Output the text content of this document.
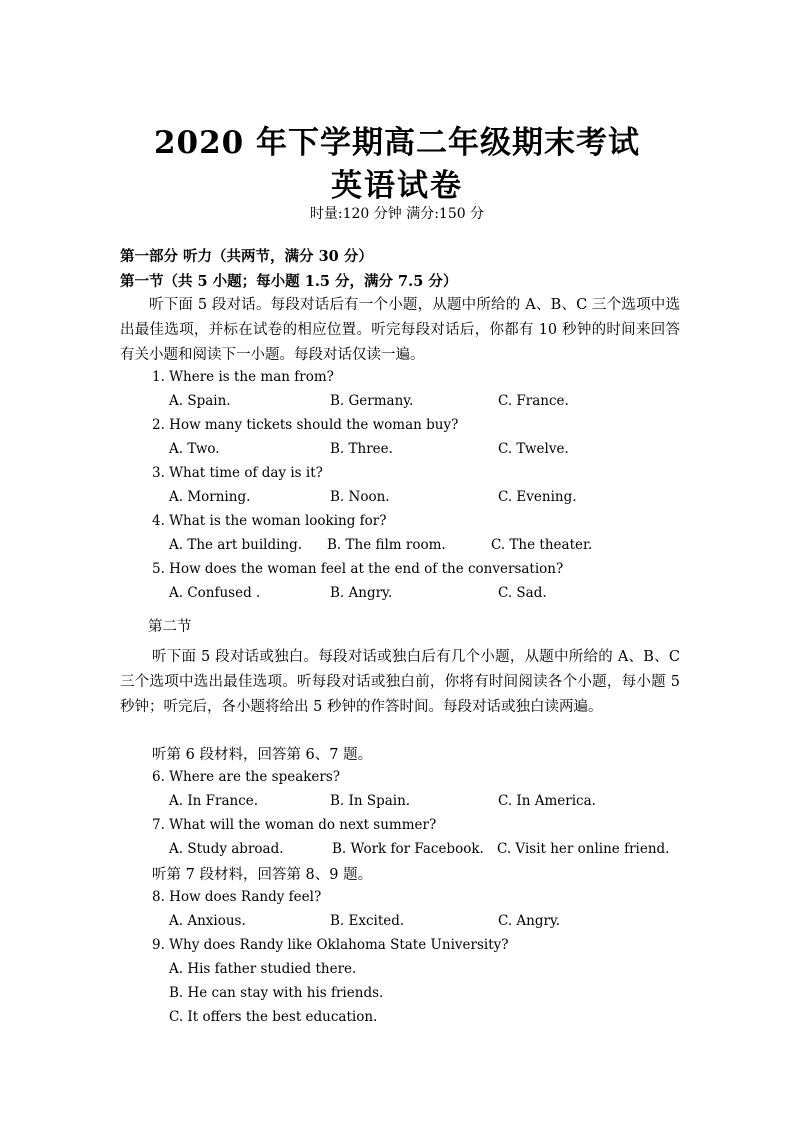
2020 年下学期高二年级期末考试
英语试卷
时量:120 分钟 满分:150 分
第一部分 听力（共两节，满分 30 分）
第一节（共 5 小题；每小题 1.5 分，满分 7.5 分）
听下面 5 段对话。每段对话后有一个小题，从题中所给的 A、B、C 三个选项中选出最佳选项，并标在试卷的相应位置。听完每段对话后，你都有 10 秒钟的时间来回答有关小题和阅读下一小题。每段对话仅读一遍。
1. Where is the man from?
A. Spain.	B. Germany.	C. France.
2. How many tickets should the woman buy?
A. Two.	B. Three.	C. Twelve.
3. What time of day is it?
A. Morning.	B. Noon.	C. Evening.
4. What is the woman looking for?
A. The art building. B. The film room.	C. The theater.
5. How does the woman feel at the end of the conversation?
A. Confused .	B. Angry.	C. Sad.
第二节
听下面 5 段对话或独白。每段对话或独白后有几个小题，从题中所给的 A、B、C 三个选项中选出最佳选项。听每段对话或独白前，你将有时间阅读各个小题，每小题 5 秒钟；听完后，各小题将给出 5 秒钟的作答时间。每段对话或独白读两遍。
听第 6 段材料，回答第 6、7 题。
6. Where are the speakers?
A. In France.	B. In Spain.	C. In America.
7. What will the woman do next summer?
A. Study abroad.	B. Work for Facebook. C. Visit her online friend.
听第 7 段材料，回答第 8、9 题。
8. How does Randy feel?
A. Anxious.	B. Excited.	C. Angry.
9. Why does Randy like Oklahoma State University?
A. His father studied there.
B. He can stay with his friends.
C. It offers the best education.
